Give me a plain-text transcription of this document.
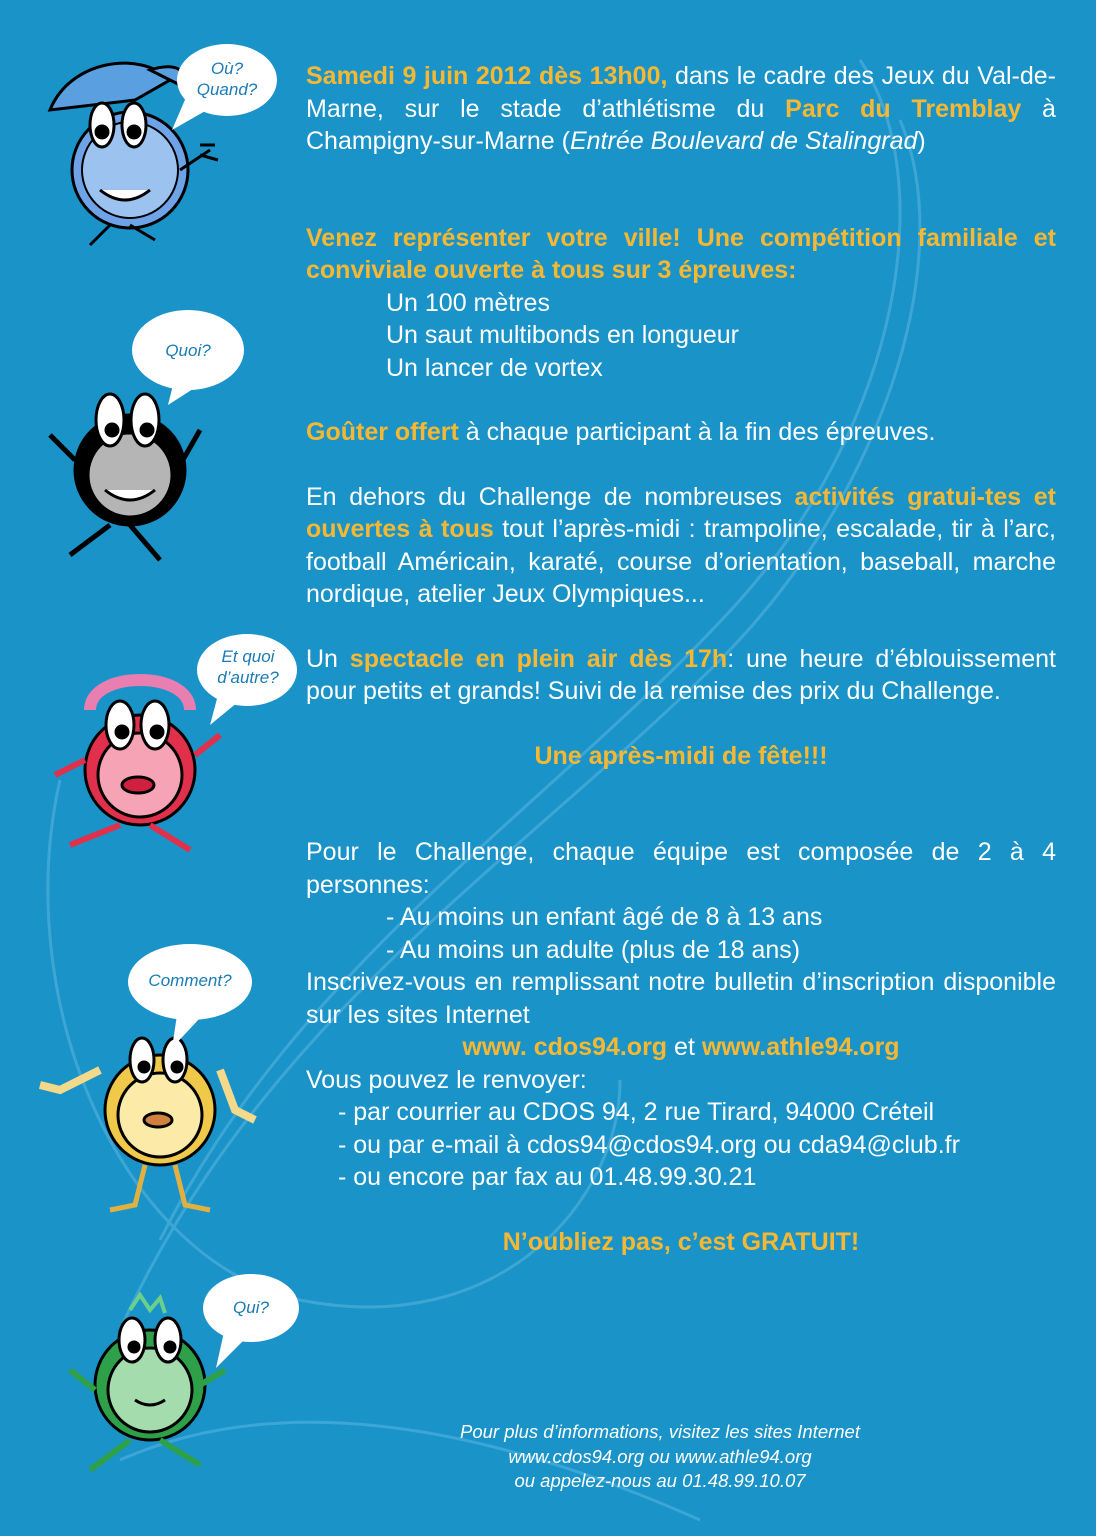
Où?
Quand?
Quoi?
Et quoi
d’autre?
Comment?
Qui?

Samedi 9 juin 2012 dès 13h00, dans le cadre des Jeux du Val-de-Marne, sur le stade d’athlétisme du Parc du Tremblay à Champigny-sur-Marne (Entrée Boulevard de Stalingrad)

Venez représenter votre ville! Une compétition familiale et conviviale ouverte à tous sur 3 épreuves:

Un 100 mètres

Un saut multibonds en longueur

Un lancer de vortex

Goûter offert à chaque participant à la fin des épreuves.

En dehors du Challenge de nombreuses activités gratui-tes et ouvertes à tous tout l’après-midi : trampoline, escalade, tir à l’arc, football Américain, karaté, course d’orientation, baseball, marche nordique, atelier Jeux Olympiques...

Un spectacle en plein air dès 17h: une heure d’éblouissement pour petits et grands! Suivi de la remise des prix du Challenge.

Une après-midi de fête!!!

Pour le Challenge, chaque équipe est composée de 2 à 4 personnes:

- Au moins un enfant âgé de 8 à 13 ans

- Au moins un adulte (plus de 18 ans)

Inscrivez-vous en remplissant notre bulletin d’inscription disponible sur les sites Internet

www. cdos94.org et www.athle94.org

Vous pouvez le renvoyer:

- par courrier au CDOS 94, 2 rue Tirard, 94000 Créteil

- ou par e-mail à cdos94@cdos94.org ou cda94@club.fr

- ou encore par fax au 01.48.99.30.21

N’oubliez pas, c’est GRATUIT!

Pour plus d’informations, visitez les sites Internet
www.cdos94.org ou www.athle94.org
ou appelez-nous au 01.48.99.10.07
